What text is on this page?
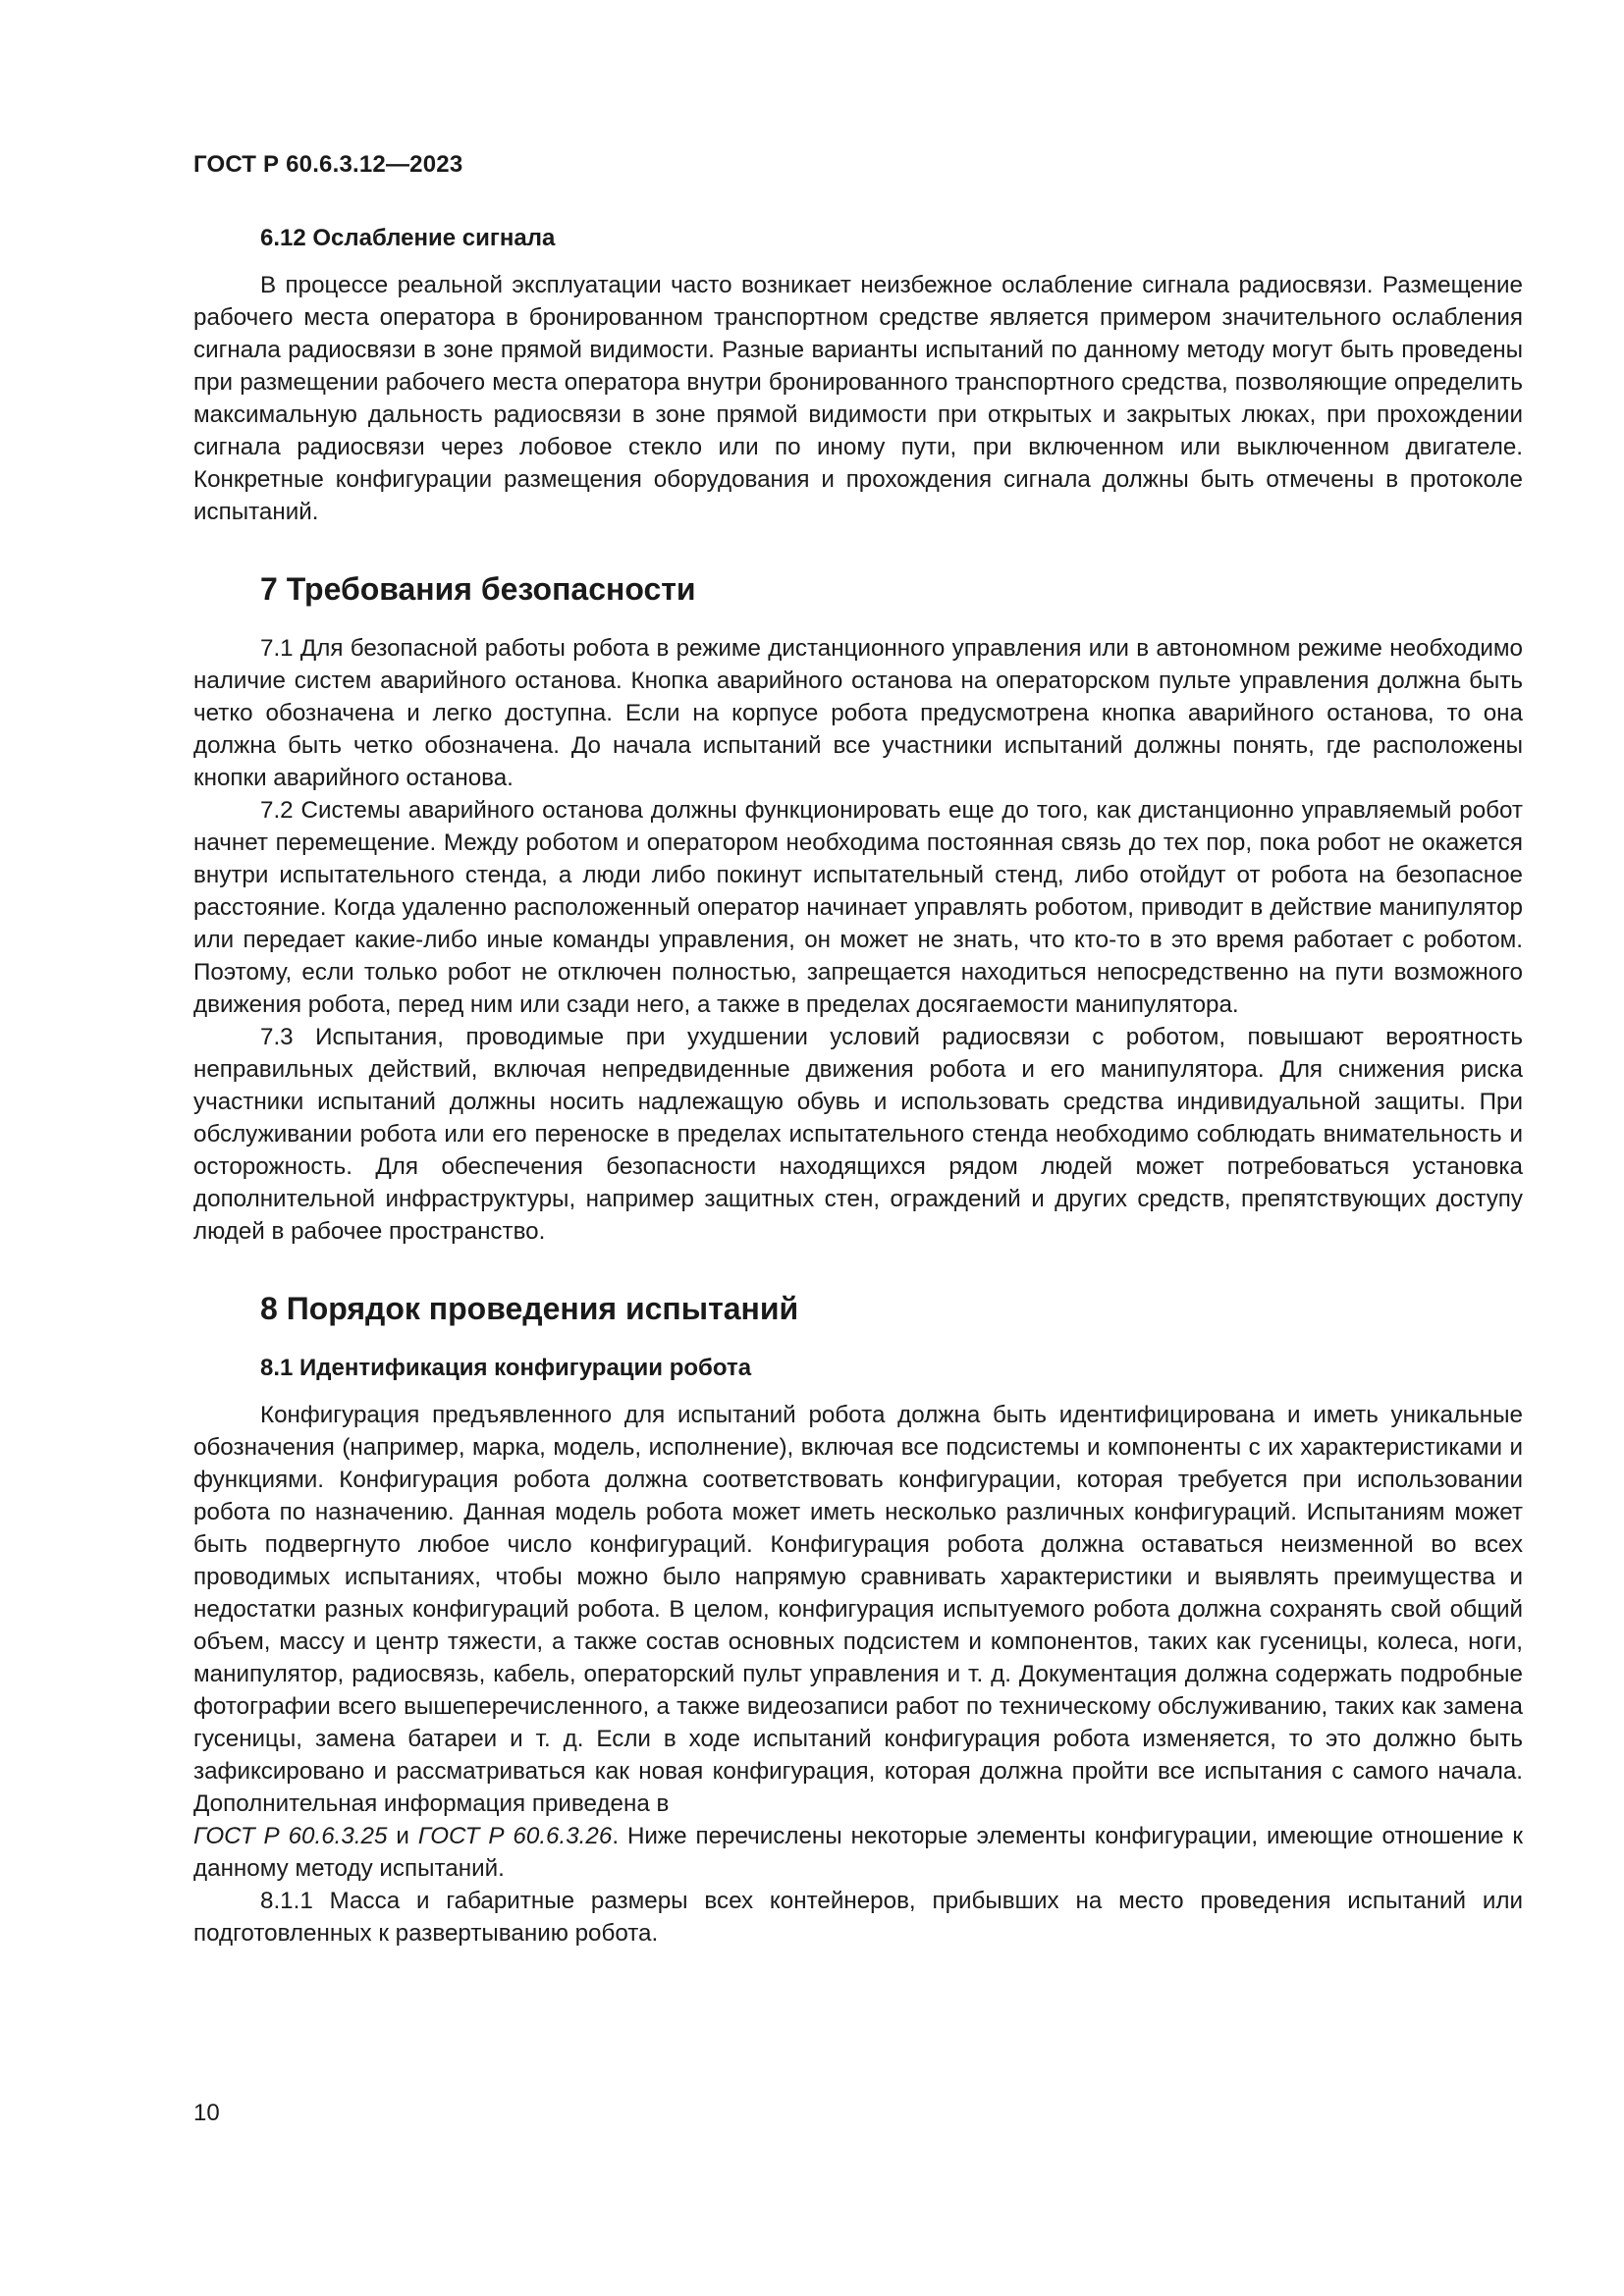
ГОСТ Р 60.6.3.12—2023
6.12 Ослабление сигнала

В процессе реальной эксплуатации часто возникает неизбежное ослабление сигнала радиосвязи. Размещение рабочего места оператора в бронированном транспортном средстве является примером значительного ослабления сигнала радиосвязи в зоне прямой видимости. Разные варианты испытаний по данному методу могут быть проведены при размещении рабочего места оператора внутри бронированного транспортного средства, позволяющие определить максимальную дальность радиосвязи в зоне прямой видимости при открытых и закрытых люках, при прохождении сигнала радиосвязи через лобовое стекло или по иному пути, при включенном или выключенном двигателе. Конкретные конфигурации размещения оборудования и прохождения сигнала должны быть отмечены в протоколе испытаний.

7 Требования безопасности

7.1 Для безопасной работы робота в режиме дистанционного управления или в автономном режиме необходимо наличие систем аварийного останова. Кнопка аварийного останова на операторском пульте управления должна быть четко обозначена и легко доступна. Если на корпусе робота предусмотрена кнопка аварийного останова, то она должна быть четко обозначена. До начала испытаний все участники испытаний должны понять, где расположены кнопки аварийного останова.

7.2 Системы аварийного останова должны функционировать еще до того, как дистанционно управляемый робот начнет перемещение. Между роботом и оператором необходима постоянная связь до тех пор, пока робот не окажется внутри испытательного стенда, а люди либо покинут испытательный стенд, либо отойдут от робота на безопасное расстояние. Когда удаленно расположенный оператор начинает управлять роботом, приводит в действие манипулятор или передает какие-либо иные команды управления, он может не знать, что кто-то в это время работает с роботом. Поэтому, если только робот не отключен полностью, запрещается находиться непосредственно на пути возможного движения робота, перед ним или сзади него, а также в пределах досягаемости манипулятора.

7.3 Испытания, проводимые при ухудшении условий радиосвязи с роботом, повышают вероятность неправильных действий, включая непредвиденные движения робота и его манипулятора. Для снижения риска участники испытаний должны носить надлежащую обувь и использовать средства индивидуальной защиты. При обслуживании робота или его переноске в пределах испытательного стенда необходимо соблюдать внимательность и осторожность. Для обеспечения безопасности находящихся рядом людей может потребоваться установка дополнительной инфраструктуры, например защитных стен, ограждений и других средств, препятствующих доступу людей в рабочее пространство.

8 Порядок проведения испытаний
8.1 Идентификация конфигурации робота

Конфигурация предъявленного для испытаний робота должна быть идентифицирована и иметь уникальные обозначения (например, марка, модель, исполнение), включая все подсистемы и компоненты с их характеристиками и функциями. Конфигурация робота должна соответствовать конфигурации, которая требуется при использовании робота по назначению. Данная модель робота может иметь несколько различных конфигураций. Испытаниям может быть подвергнуто любое число конфигураций. Конфигурация робота должна оставаться неизменной во всех проводимых испытаниях, чтобы можно было напрямую сравнивать характеристики и выявлять преимущества и недостатки разных конфигураций робота. В целом, конфигурация испытуемого робота должна сохранять свой общий объем, массу и центр тяжести, а также состав основных подсистем и компонентов, таких как гусеницы, колеса, ноги, манипулятор, радиосвязь, кабель, операторский пульт управления и т. д. Документация должна содержать подробные фотографии всего вышеперечисленного, а также видеозаписи работ по техническому обслуживанию, таких как замена гусеницы, замена батареи и т. д. Если в ходе испытаний конфигурация робота изменяется, то это должно быть зафиксировано и рассматриваться как новая конфигурация, которая должна пройти все испытания с самого начала. Дополнительная информация приведена в
ГОСТ Р 60.6.3.25 и ГОСТ Р 60.6.3.26. Ниже перечислены некоторые элементы конфигурации, имеющие отношение к данному методу испытаний.

8.1.1 Масса и габаритные размеры всех контейнеров, прибывших на место проведения испытаний или подготовленных к развертыванию робота.

10
